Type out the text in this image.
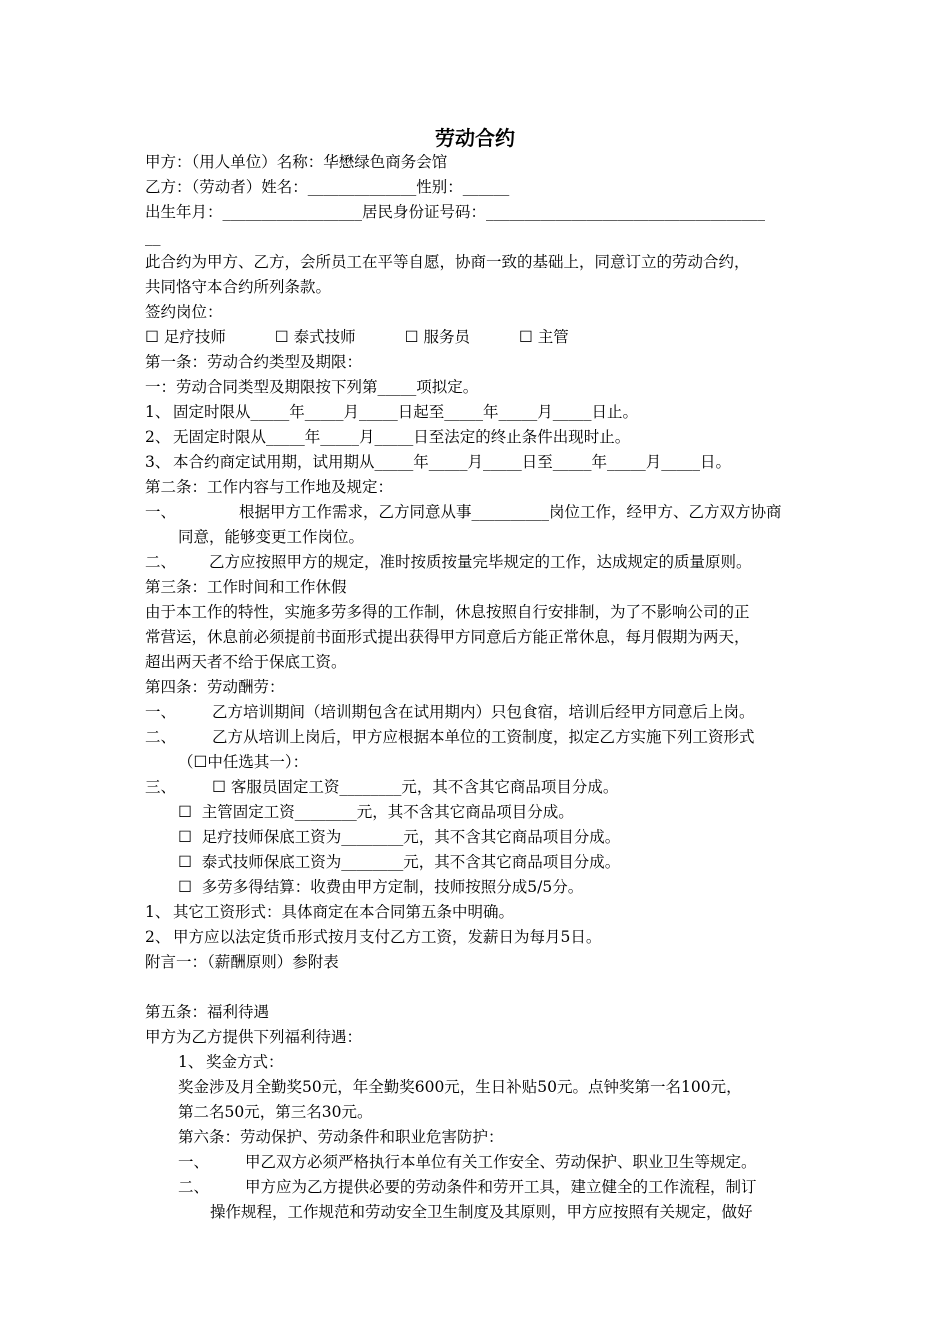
劳动合约
甲方：（用人单位）名称：华懋绿色商务会馆
乙方：（劳动者）姓名：______________性别：______
出生年月：__________________居民身份证号码：____________________________________
__
此合约为甲方、乙方，会所员工在平等自愿，协商一致的基础上，同意订立的劳动合约，
共同恪守本合约所列条款。
签约岗位：
☐ 足疗技师	☐ 泰式技师	☐ 服务员	☐ 主管
第一条：劳动合约类型及期限：
一：劳动合同类型及期限按下列第_____项拟定。
1、 固定时限从_____年_____月_____日起至_____年_____月_____日止。
2、 无固定时限从_____年_____月_____日至法定的终止条件出现时止。
3、 本合约商定试用期，试用期从_____年_____月_____日至_____年_____月_____日。
第二条：工作内容与工作地及规定：
一、	根据甲方工作需求，乙方同意从事__________岗位工作，经甲方、乙方双方协商
同意，能够变更工作岗位。
二、 乙方应按照甲方的规定，准时按质按量完毕规定的工作，达成规定的质量原则。
第三条：工作时间和工作休假
由于本工作的特性，实施多劳多得的工作制，休息按照自行安排制，为了不影响公司的正
常营运，休息前必须提前书面形式提出获得甲方同意后方能正常休息，每月假期为两天，
超出两天者不给于保底工资。
第四条：劳动酬劳：
一、 乙方培训期间（培训期包含在试用期内）只包食宿，培训后经甲方同意后上岗。
二、 乙方从培训上岗后，甲方应根据本单位的工资制度，拟定乙方实施下列工资形式
（☐中任选其一）：
三、 ☐ 客服员固定工资________元，其不含其它商品项目分成。
☐ 主管固定工资________元，其不含其它商品项目分成。
☐ 足疗技师保底工资为________元，其不含其它商品项目分成。
☐ 泰式技师保底工资为________元，其不含其它商品项目分成。
☐ 多劳多得结算：收费由甲方定制，技师按照分成5/5分。
1、 其它工资形式：具体商定在本合同第五条中明确。
2、 甲方应以法定货币形式按月支付乙方工资，发薪日为每月5日。
附言一：（薪酬原则）参附表
第五条：福利待遇
甲方为乙方提供下列福利待遇：
1、 奖金方式：
奖金涉及月全勤奖50元，年全勤奖600元，生日补贴50元。点钟奖第一名100元，
第二名50元，第三名30元。
第六条：劳动保护、劳动条件和职业危害防护：
一、 甲乙双方必须严格执行本单位有关工作安全、劳动保护、职业卫生等规定。
二、 甲方应为乙方提供必要的劳动条件和劳开工具，建立健全的工作流程，制订
操作规程，工作规范和劳动安全卫生制度及其原则，甲方应按照有关规定，做好
